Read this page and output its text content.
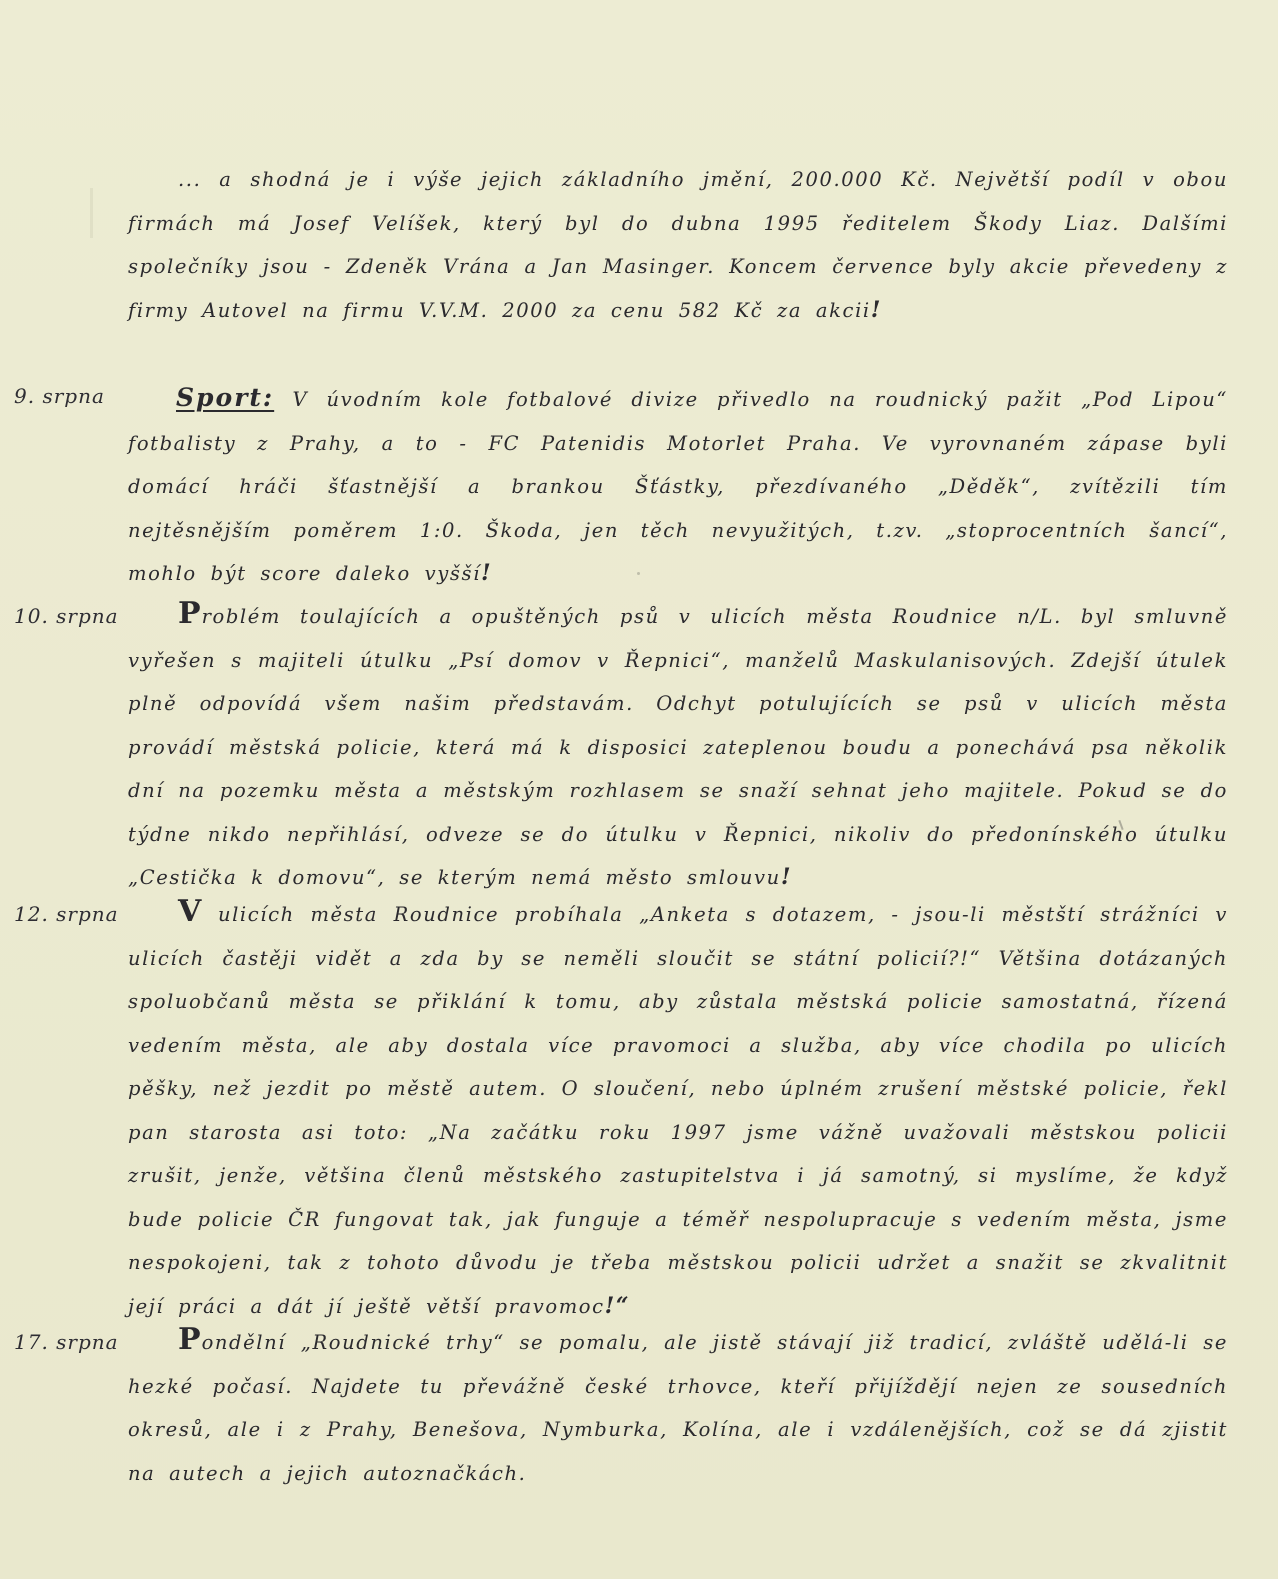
... a shodná je i výše jejich základního jmění, 200.000 Kč. Největší podíl v obou firmách má Josef Velíšek, který byl do dubna 1995 ředitelem Škody Liaz. Dalšími společníky jsou - Zdeněk Vrána a Jan Masinger. Koncem července byly akcie převedeny z firmy Autovel na firmu V.V.M. 2000 za cenu 582 Kč za akcii!
9. srpna	Sport: V úvodním kole fotbalové divize přivedlo na roudnický pažit „Pod Lipou“ fotbalisty z Prahy, a to - FC Patenidis Motorlet Praha. Ve vyrovnaném zápase byli domácí hráči šťastnější a brankou Šťástky, přezdívaného „Děděk“, zvítězili tím nejtěsnějším poměrem 1:0. Škoda, jen těch nevyužitých, t.zv. „stoprocentních šancí“, mohlo být score daleko vyšší!
10. srpna	Problém toulajících a opuštěných psů v ulicích města Roudnice n/L. byl smluvně vyřešen s majiteli útulku „Psí domov v Řepnici“, manželů Maskulanisových. Zdejší útulek plně odpovídá všem našim představám. Odchyt potulujících se psů v ulicích města provádí městská policie, která má k disposici zateplenou boudu a ponechává psa několik dní na pozemku města a městským rozhlasem se snaží sehnat jeho majitele. Pokud se do týdne nikdo nepřihlásí, odveze se do útulku v Řepnici, nikoliv do předonínského útulku „Cestička k domovu“, se kterým nemá město smlouvu!
12. srpna	V ulicích města Roudnice probíhala „Anketa s dotazem, - jsou-li městští strážníci v ulicích častěji vidět a zda by se neměli sloučit se státní policií?!“ Většina dotázaných spoluobčanů města se přiklání k tomu, aby zůstala městská policie samostatná, řízená vedením města, ale aby dostala více pravomoci a služba, aby více chodila po ulicích pěšky, než jezdit po městě autem. O sloučení, nebo úplném zrušení městské policie, řekl pan starosta asi toto: „Na začátku roku 1997 jsme vážně uvažovali městskou policii zrušit, jenže, většina členů městského zastupitelstva i já samotný, si myslíme, že když bude policie ČR fungovat tak, jak funguje a téměř nespolupracuje s vedením města, jsme nespokojeni, tak z tohoto důvodu je třeba městskou policii udržet a snažit se zkvalitnit její práci a dát jí ještě větší pravomoc!“
17. srpna	Pondělní „Roudnické trhy“ se pomalu, ale jistě stávají již tradicí, zvláště udělá-li se hezké počasí. Najdete tu převážně české trhovce, kteří přijíždějí nejen ze sousedních okresů, ale i z Prahy, Benešova, Nymburka, Kolína, ale i vzdálenějších, což se dá zjistit na autech a jejich autoznačkách.
